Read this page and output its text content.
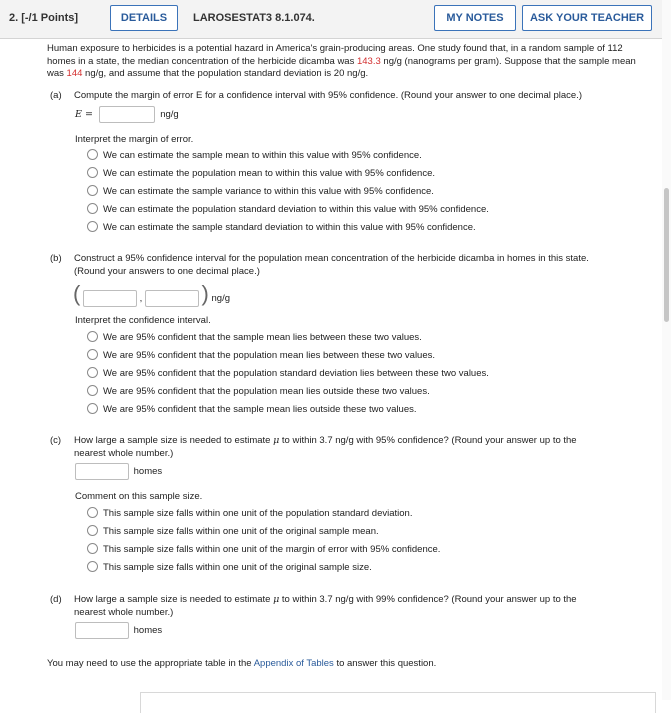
2. [-/1 Points]	DETAILS	LAROSESTAT3 8.1.074.	MY NOTES	ASK YOUR TEACHER
Human exposure to herbicides is a potential hazard in America's grain-producing areas. One study found that, in a random sample of 112 homes in a state, the median concentration of the herbicide dicamba was 143.3 ng/g (nanograms per gram). Suppose that the sample mean was 144 ng/g, and assume that the population standard deviation is 20 ng/g.
(a) Compute the margin of error E for a confidence interval with 95% confidence. (Round your answer to one decimal place.)
E =	ng/g
Interpret the margin of error.
We can estimate the sample mean to within this value with 95% confidence.
We can estimate the population mean to within this value with 95% confidence.
We can estimate the sample variance to within this value with 95% confidence.
We can estimate the population standard deviation to within this value with 95% confidence.
We can estimate the sample standard deviation to within this value with 95% confidence.
(b) Construct a 95% confidence interval for the population mean concentration of the herbicide dicamba in homes in this state.
(Round your answers to one decimal place.)
(	,	) ng/g
Interpret the confidence interval.
We are 95% confident that the sample mean lies between these two values.
We are 95% confident that the population mean lies between these two values.
We are 95% confident that the population standard deviation lies between these two values.
We are 95% confident that the population mean lies outside these two values.
We are 95% confident that the sample mean lies outside these two values.
(c) How large a sample size is needed to estimate μ to within 3.7 ng/g with 95% confidence? (Round your answer up to the
nearest whole number.)
homes
Comment on this sample size.
This sample size falls within one unit of the population standard deviation.
This sample size falls within one unit of the original sample mean.
This sample size falls within one unit of the margin of error with 95% confidence.
This sample size falls within one unit of the original sample size.
(d) How large a sample size is needed to estimate μ to within 3.7 ng/g with 99% confidence? (Round your answer up to the
nearest whole number.)
homes
You may need to use the appropriate table in the Appendix of Tables to answer this question.
